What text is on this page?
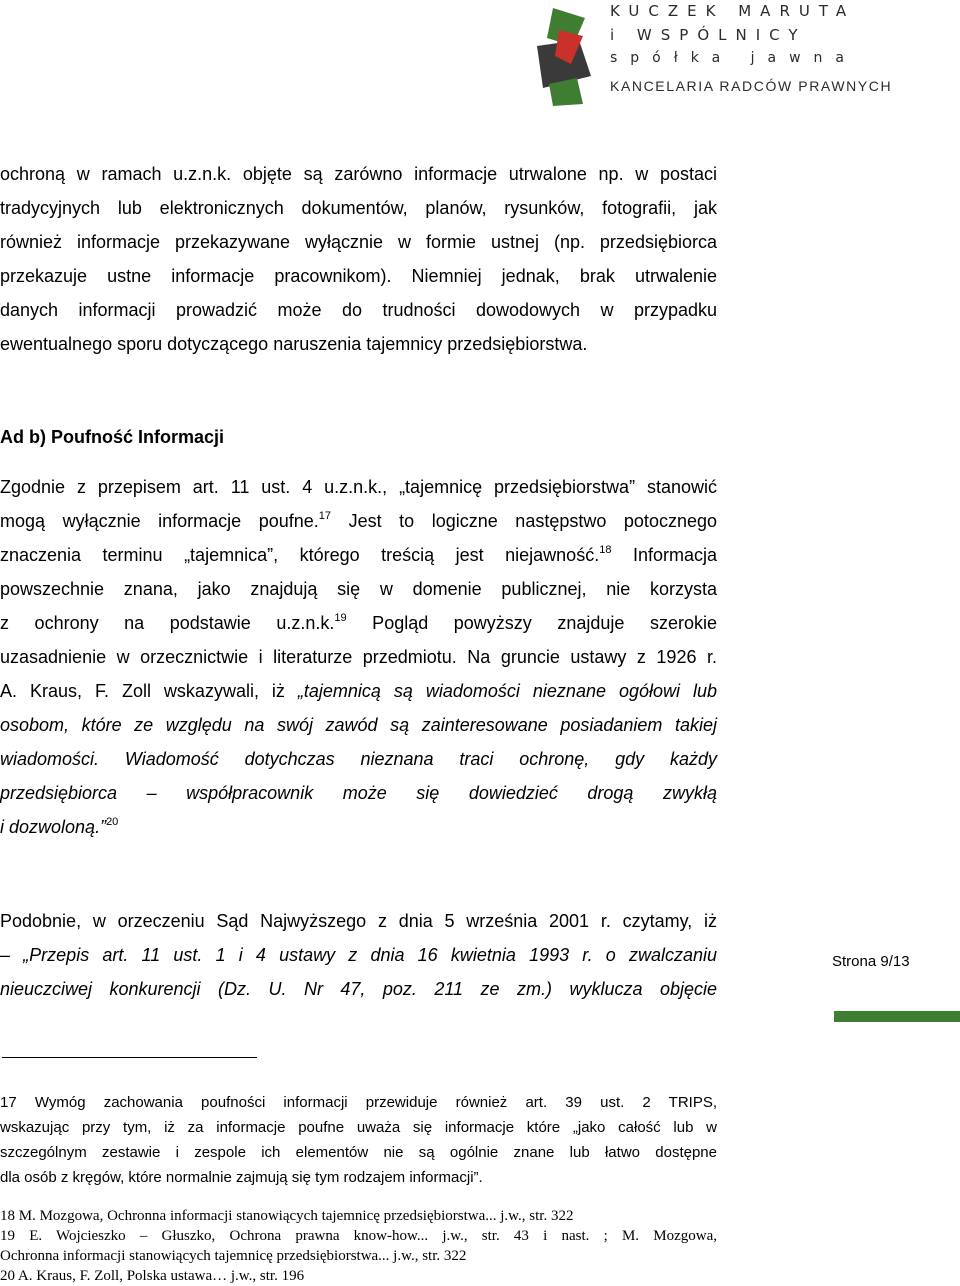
KUCZEK MARUTA
i WSPÓLNICY
spółka jawna
KANCELARIA RADCÓW PRAWNYCH
ochroną w ramach u.z.n.k. objęte są zarówno informacje utrwalone np. w postaci
tradycyjnych lub elektronicznych dokumentów, planów, rysunków, fotografii, jak
również informacje przekazywane wyłącznie w formie ustnej (np. przedsiębiorca
przekazuje ustne informacje pracownikom). Niemniej jednak, brak utrwalenie
danych informacji prowadzić może do trudności dowodowych w przypadku
ewentualnego sporu dotyczącego naruszenia tajemnicy przedsiębiorstwa.
Ad b) Poufność Informacji
Zgodnie z przepisem art. 11 ust. 4 u.z.n.k., „tajemnicę przedsiębiorstwa” stanowić
mogą wyłącznie informacje poufne.$^{17}$ Jest to logiczne następstwo potocznego
znaczenia terminu „tajemnica”, którego treścią jest niejawność.$^{18}$ Informacja
powszechnie znana, jako znajdują się w domenie publicznej, nie korzysta
z ochrony na podstawie u.z.n.k.$^{19}$ Pogląd powyższy znajduje szerokie
uzasadnienie w orzecznictwie i literaturze przedmiotu. Na gruncie ustawy z 1926 r.
A. Kraus, F. Zoll wskazywali, iż „tajemnicą są wiadomości nieznane ogółowi lub
osobom, które ze względu na swój zawód są zainteresowane posiadaniem takiej
wiadomości. Wiadomość dotychczas nieznana traci ochronę, gdy każdy
przedsiębiorca – współpracownik może się dowiedzieć drogą zwykłą
i dozwoloną.”$^{20}$
Podobnie, w orzeczeniu Sąd Najwyższego z dnia 5 września 2001 r. czytamy, iż
– „Przepis art. 11 ust. 1 i 4 ustawy z dnia 16 kwietnia 1993 r. o zwalczaniu
nieuczciwej konkurencji (Dz. U. Nr 47, poz. 211 ze zm.) wyklucza objęcie
Strona 9/13
17 Wymóg zachowania poufności informacji przewiduje również art. 39 ust. 2 TRIPS,
wskazując przy tym, iż za informacje poufne uważa się informacje które „jako całość lub w
szczególnym zestawie i zespole ich elementów nie są ogólnie znane lub łatwo dostępne
dla osób z kręgów, które normalnie zajmują się tym rodzajem informacji”.
18 M. Mozgowa, Ochronna informacji stanowiących tajemnicę przedsiębiorstwa... j.w., str. 322
19 E. Wojcieszko – Głuszko, Ochrona prawna know-how... j.w., str. 43 i nast. ; M. Mozgowa,
Ochronna informacji stanowiących tajemnicę przedsiębiorstwa... j.w., str. 322
20 A. Kraus, F. Zoll, Polska ustawa… j.w., str. 196
